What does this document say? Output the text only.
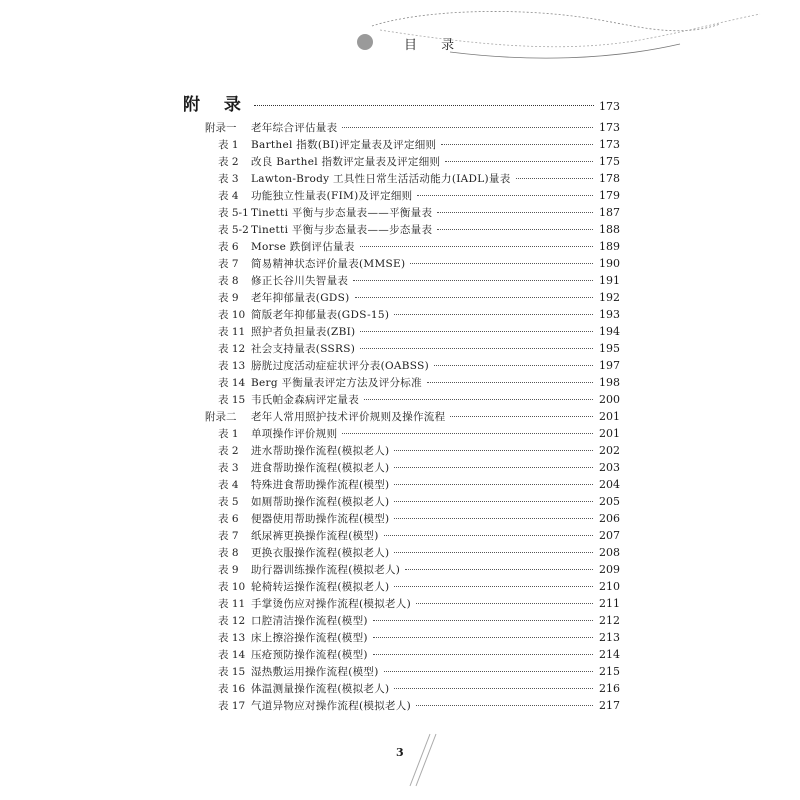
目 录
附 录	173
附录一	老年综合评估量表	173
表 1	Barthel 指数(BI)评定量表及评定细则	173
表 2	改良 Barthel 指数评定量表及评定细则	175
表 3	Lawton-Brody 工具性日常生活活动能力(IADL)量表	178
表 4	功能独立性量表(FIM)及评定细则	179
表 5-1 Tinetti 平衡与步态量表——平衡量表	187
表 5-2 Tinetti 平衡与步态量表——步态量表	188
表 6	Morse 跌倒评估量表	189
表 7	简易精神状态评价量表(MMSE)	190
表 8	修正长谷川失智量表	191
表 9	老年抑郁量表(GDS)	192
表 10 简版老年抑郁量表(GDS-15)	193
表 11 照护者负担量表(ZBI)	194
表 12 社会支持量表(SSRS)	195
表 13 膀胱过度活动症症状评分表(OABSS)	197
表 14 Berg 平衡量表评定方法及评分标准	198
表 15 韦氏帕金森病评定量表	200
附录二	老年人常用照护技术评价规则及操作流程	201
表 1	单项操作评价规则	201
表 2	进水帮助操作流程(模拟老人)	202
表 3	进食帮助操作流程(模拟老人)	203
表 4	特殊进食帮助操作流程(模型)	204
表 5	如厕帮助操作流程(模拟老人)	205
表 6	便器使用帮助操作流程(模型)	206
表 7	纸尿裤更换操作流程(模型)	207
表 8	更换衣服操作流程(模拟老人)	208
表 9	助行器训练操作流程(模拟老人)	209
表 10 轮椅转运操作流程(模拟老人)	210
表 11 手掌烫伤应对操作流程(模拟老人)	211
表 12 口腔清洁操作流程(模型)	212
表 13 床上擦浴操作流程(模型)	213
表 14 压疮预防操作流程(模型)	214
表 15 湿热敷运用操作流程(模型)	215
表 16 体温测量操作流程(模拟老人)	216
表 17 气道异物应对操作流程(模拟老人)	217
3
